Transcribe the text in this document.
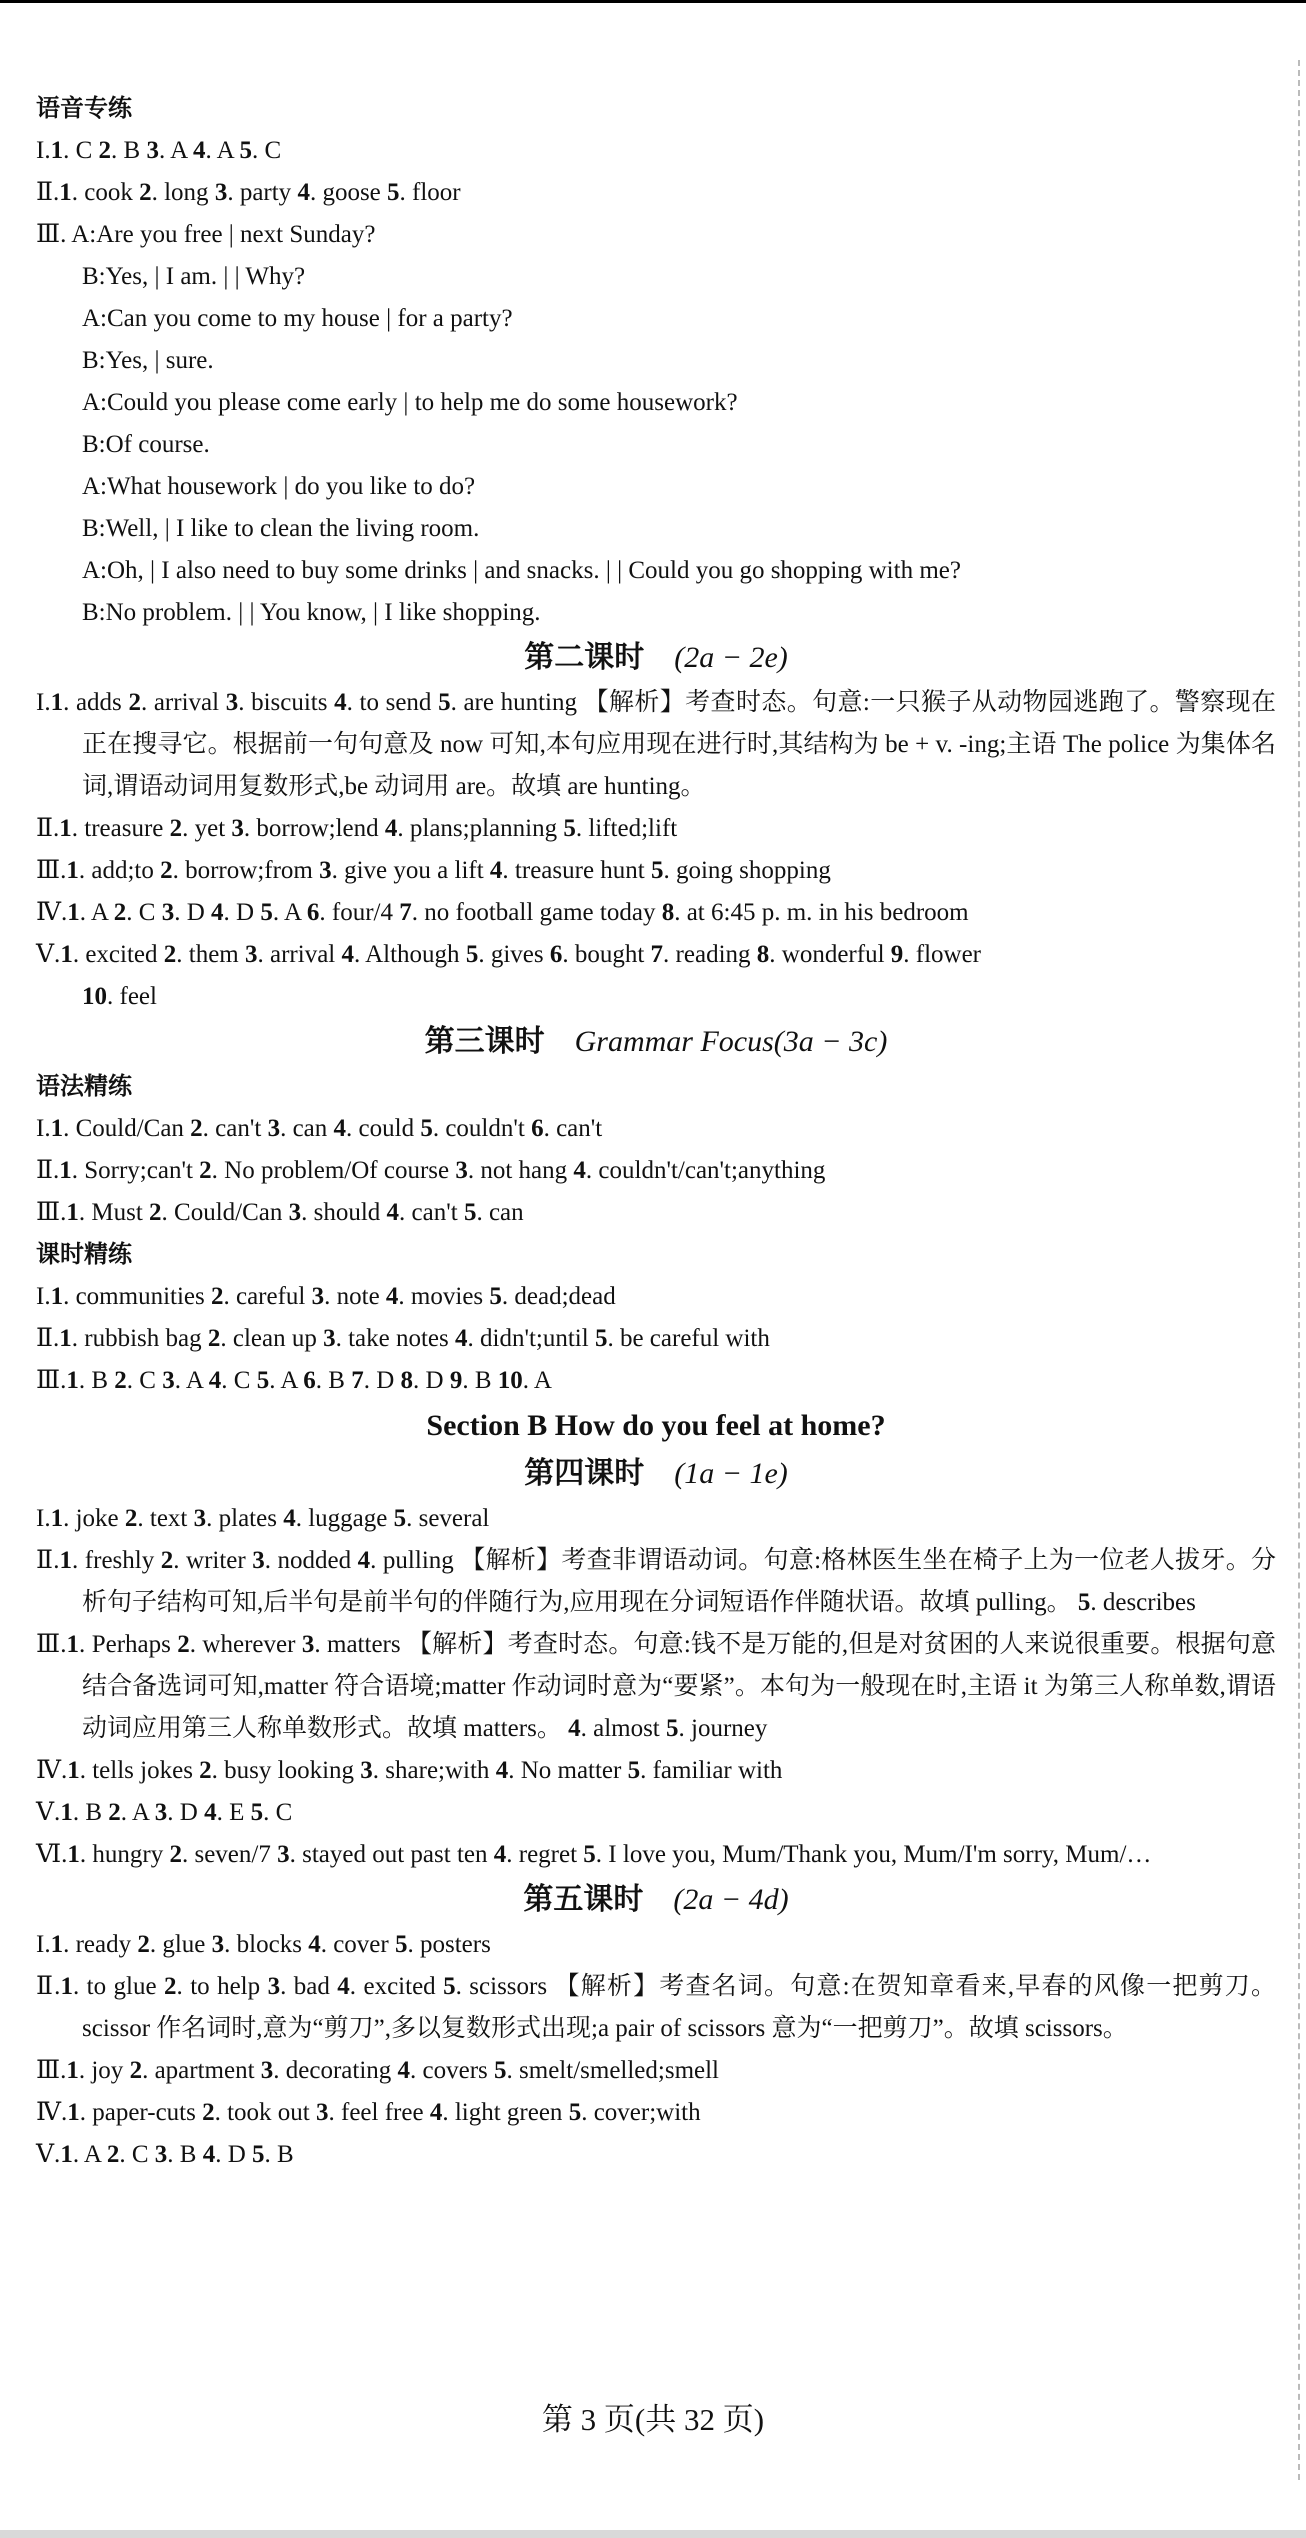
语音专练
I.1. C 2. B 3. A 4. A 5. C
Ⅱ.1. cook 2. long 3. party 4. goose 5. floor
Ⅲ. A:Are you free | next Sunday?
B:Yes, | I am. | | Why?
A:Can you come to my house | for a party?
B:Yes, | sure.
A:Could you please come early | to help me do some housework?
B:Of course.
A:What housework | do you like to do?
B:Well, | I like to clean the living room.
A:Oh, | I also need to buy some drinks | and snacks. | | Could you go shopping with me?
B:No problem. | | You know, | I like shopping.
第二课时  (2a − 2e)
I.1. adds 2. arrival 3. biscuits 4. to send 5. are hunting 【解析】考查时态。句意:一只猴子从动物园逃跑了。警察现在正在搜寻它。根据前一句句意及 now 可知,本句应用现在进行时,其结构为 be + v. -ing;主语 The police 为集体名词,谓语动词用复数形式,be 动词用 are。故填 are hunting。
Ⅱ.1. treasure 2. yet 3. borrow;lend 4. plans;planning 5. lifted;lift
Ⅲ.1. add;to 2. borrow;from 3. give you a lift 4. treasure hunt 5. going shopping
Ⅳ.1. A 2. C 3. D 4. D 5. A 6. four/4 7. no football game today 8. at 6:45 p. m. in his bedroom
Ⅴ.1. excited 2. them 3. arrival 4. Although 5. gives 6. bought 7. reading 8. wonderful 9. flower
10. feel
第三课时  Grammar Focus(3a − 3c)
语法精练
I.1. Could/Can 2. can't 3. can 4. could 5. couldn't 6. can't
Ⅱ.1. Sorry;can't 2. No problem/Of course 3. not hang 4. couldn't/can't;anything
Ⅲ.1. Must 2. Could/Can 3. should 4. can't 5. can
课时精练
I.1. communities 2. careful 3. note 4. movies 5. dead;dead
Ⅱ.1. rubbish bag 2. clean up 3. take notes 4. didn't;until 5. be careful with
Ⅲ.1. B 2. C 3. A 4. C 5. A 6. B 7. D 8. D 9. B 10. A
Section B How do you feel at home?
第四课时  (1a − 1e)
I.1. joke 2. text 3. plates 4. luggage 5. several
Ⅱ.1. freshly 2. writer 3. nodded 4. pulling 【解析】考查非谓语动词。句意:格林医生坐在椅子上为一位老人拔牙。分析句子结构可知,后半句是前半句的伴随行为,应用现在分词短语作伴随状语。故填 pulling。 5. describes
Ⅲ.1. Perhaps 2. wherever 3. matters 【解析】考查时态。句意:钱不是万能的,但是对贫困的人来说很重要。根据句意结合备选词可知,matter 符合语境;matter 作动词时意为“要紧”。本句为一般现在时,主语 it 为第三人称单数,谓语动词应用第三人称单数形式。故填 matters。 4. almost 5. journey
Ⅳ.1. tells jokes 2. busy looking 3. share;with 4. No matter 5. familiar with
Ⅴ.1. B 2. A 3. D 4. E 5. C
Ⅵ.1. hungry 2. seven/7 3. stayed out past ten 4. regret 5. I love you, Mum/Thank you, Mum/I'm sorry, Mum/…
第五课时  (2a − 4d)
I.1. ready 2. glue 3. blocks 4. cover 5. posters
Ⅱ.1. to glue 2. to help 3. bad 4. excited 5. scissors 【解析】考查名词。句意:在贺知章看来,早春的风像一把剪刀。scissor 作名词时,意为“剪刀”,多以复数形式出现;a pair of scissors 意为“一把剪刀”。故填 scissors。
Ⅲ.1. joy 2. apartment 3. decorating 4. covers 5. smelt/smelled;smell
Ⅳ.1. paper-cuts 2. took out 3. feel free 4. light green 5. cover;with
Ⅴ.1. A 2. C 3. B 4. D 5. B
第 3 页(共 32 页)
